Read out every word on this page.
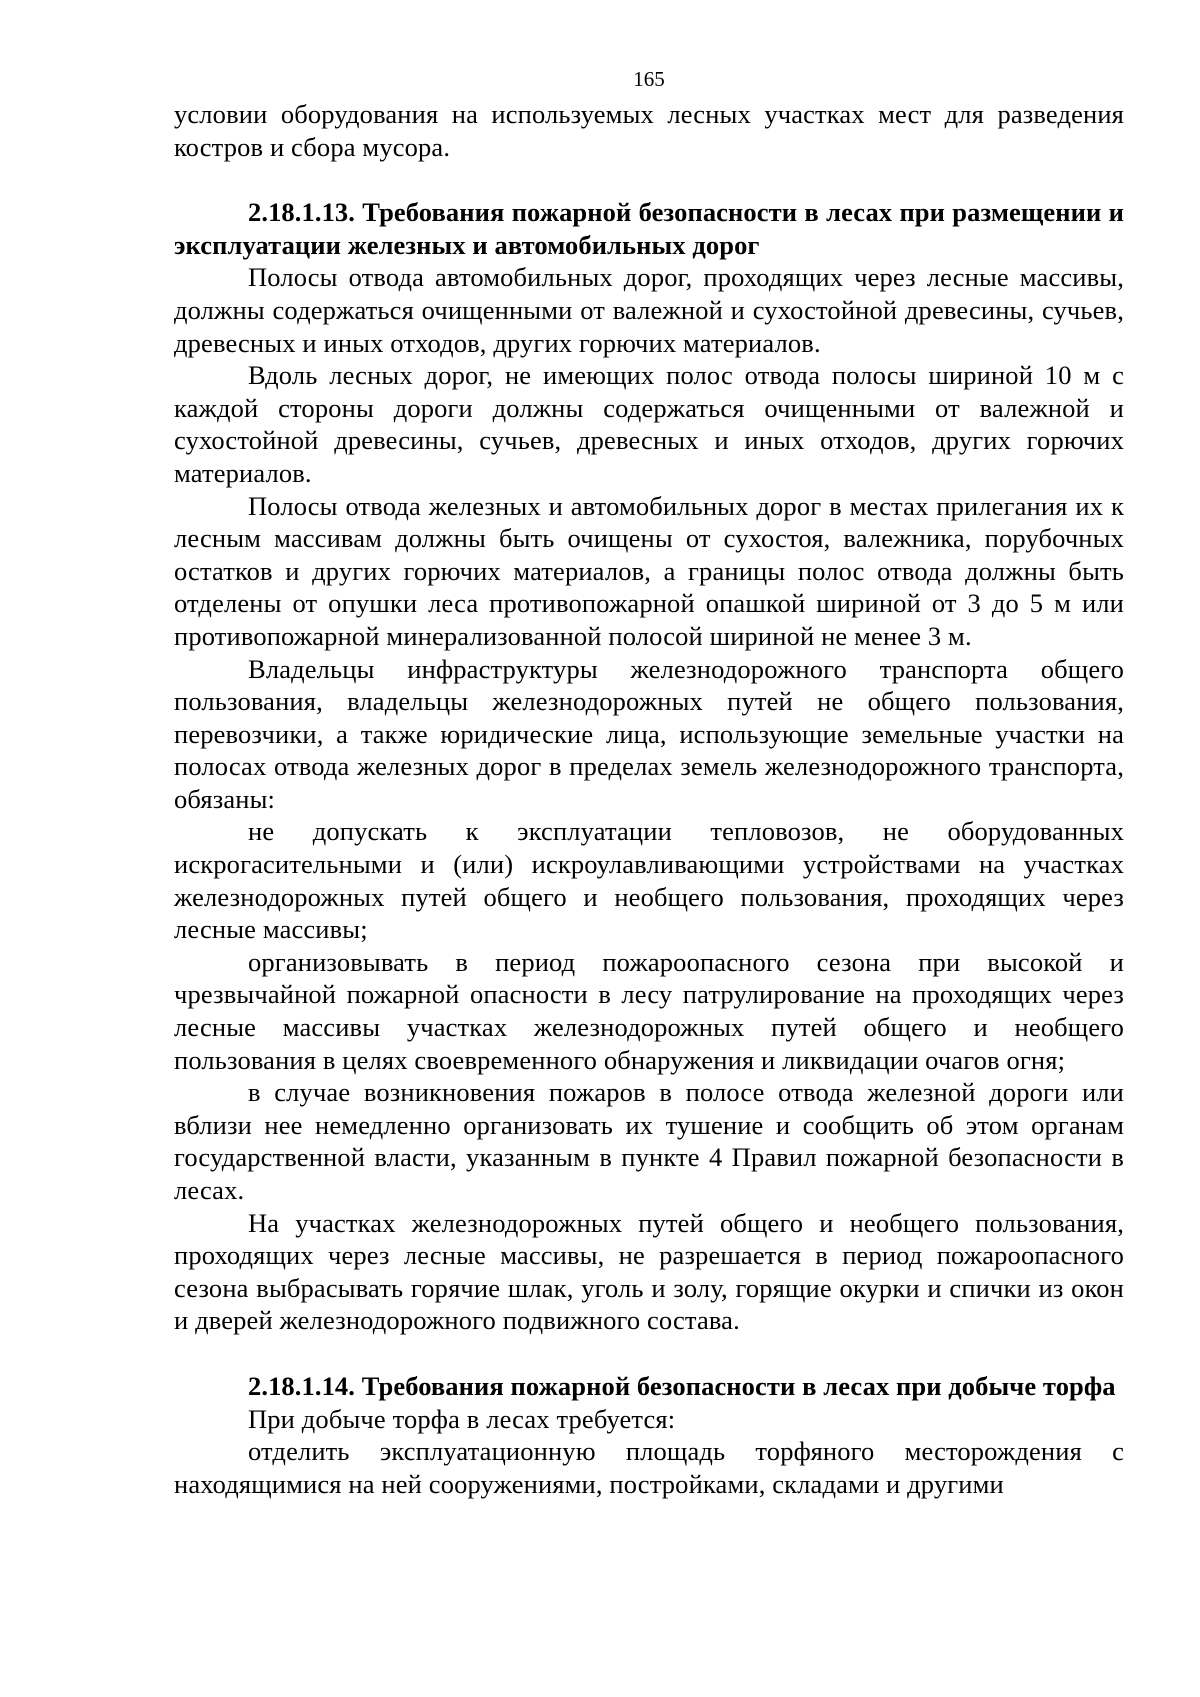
165

условии оборудования на используемых лесных участках мест для разведения костров и сбора мусора.

2.18.1.13. Требования пожарной безопасности в лесах при размещении и эксплуатации железных и автомобильных дорог

Полосы отвода автомобильных дорог, проходящих через лесные массивы, должны содержаться очищенными от валежной и сухостойной древесины, сучьев, древесных и иных отходов, других горючих материалов.

Вдоль лесных дорог, не имеющих полос отвода полосы шириной 10 м с каждой стороны дороги должны содержаться очищенными от валежной и сухостойной древесины, сучьев, древесных и иных отходов, других горючих материалов.

Полосы отвода железных и автомобильных дорог в местах прилегания их к лесным массивам должны быть очищены от сухостоя, валежника, порубочных остатков и других горючих материалов, а границы полос отвода должны быть отделены от опушки леса противопожарной опашкой шириной от 3 до 5 м или противопожарной минерализованной полосой шириной не менее 3 м.

Владельцы инфраструктуры железнодорожного транспорта общего пользования, владельцы железнодорожных путей не общего пользования, перевозчики, а также юридические лица, использующие земельные участки на полосах отвода железных дорог в пределах земель железнодорожного транспорта, обязаны:

не допускать к эксплуатации тепловозов, не оборудованных искрогасительными и (или) искроулавливающими устройствами на участках железнодорожных путей общего и необщего пользования, проходящих через лесные массивы;

организовывать в период пожароопасного сезона при высокой и чрезвычайной пожарной опасности в лесу патрулирование на проходящих через лесные массивы участках железнодорожных путей общего и необщего пользования в целях своевременного обнаружения и ликвидации очагов огня;

в случае возникновения пожаров в полосе отвода железной дороги или вблизи нее немедленно организовать их тушение и сообщить об этом органам государственной власти, указанным в пункте 4 Правил пожарной безопасности в лесах.

На участках железнодорожных путей общего и необщего пользования, проходящих через лесные массивы, не разрешается в период пожароопасного сезона выбрасывать горячие шлак, уголь и золу, горящие окурки и спички из окон и дверей железнодорожного подвижного состава.

2.18.1.14. Требования пожарной безопасности в лесах при добыче торфа

При добыче торфа в лесах требуется:

отделить эксплуатационную площадь торфяного месторождения с находящимися на ней сооружениями, постройками, складами и другими
